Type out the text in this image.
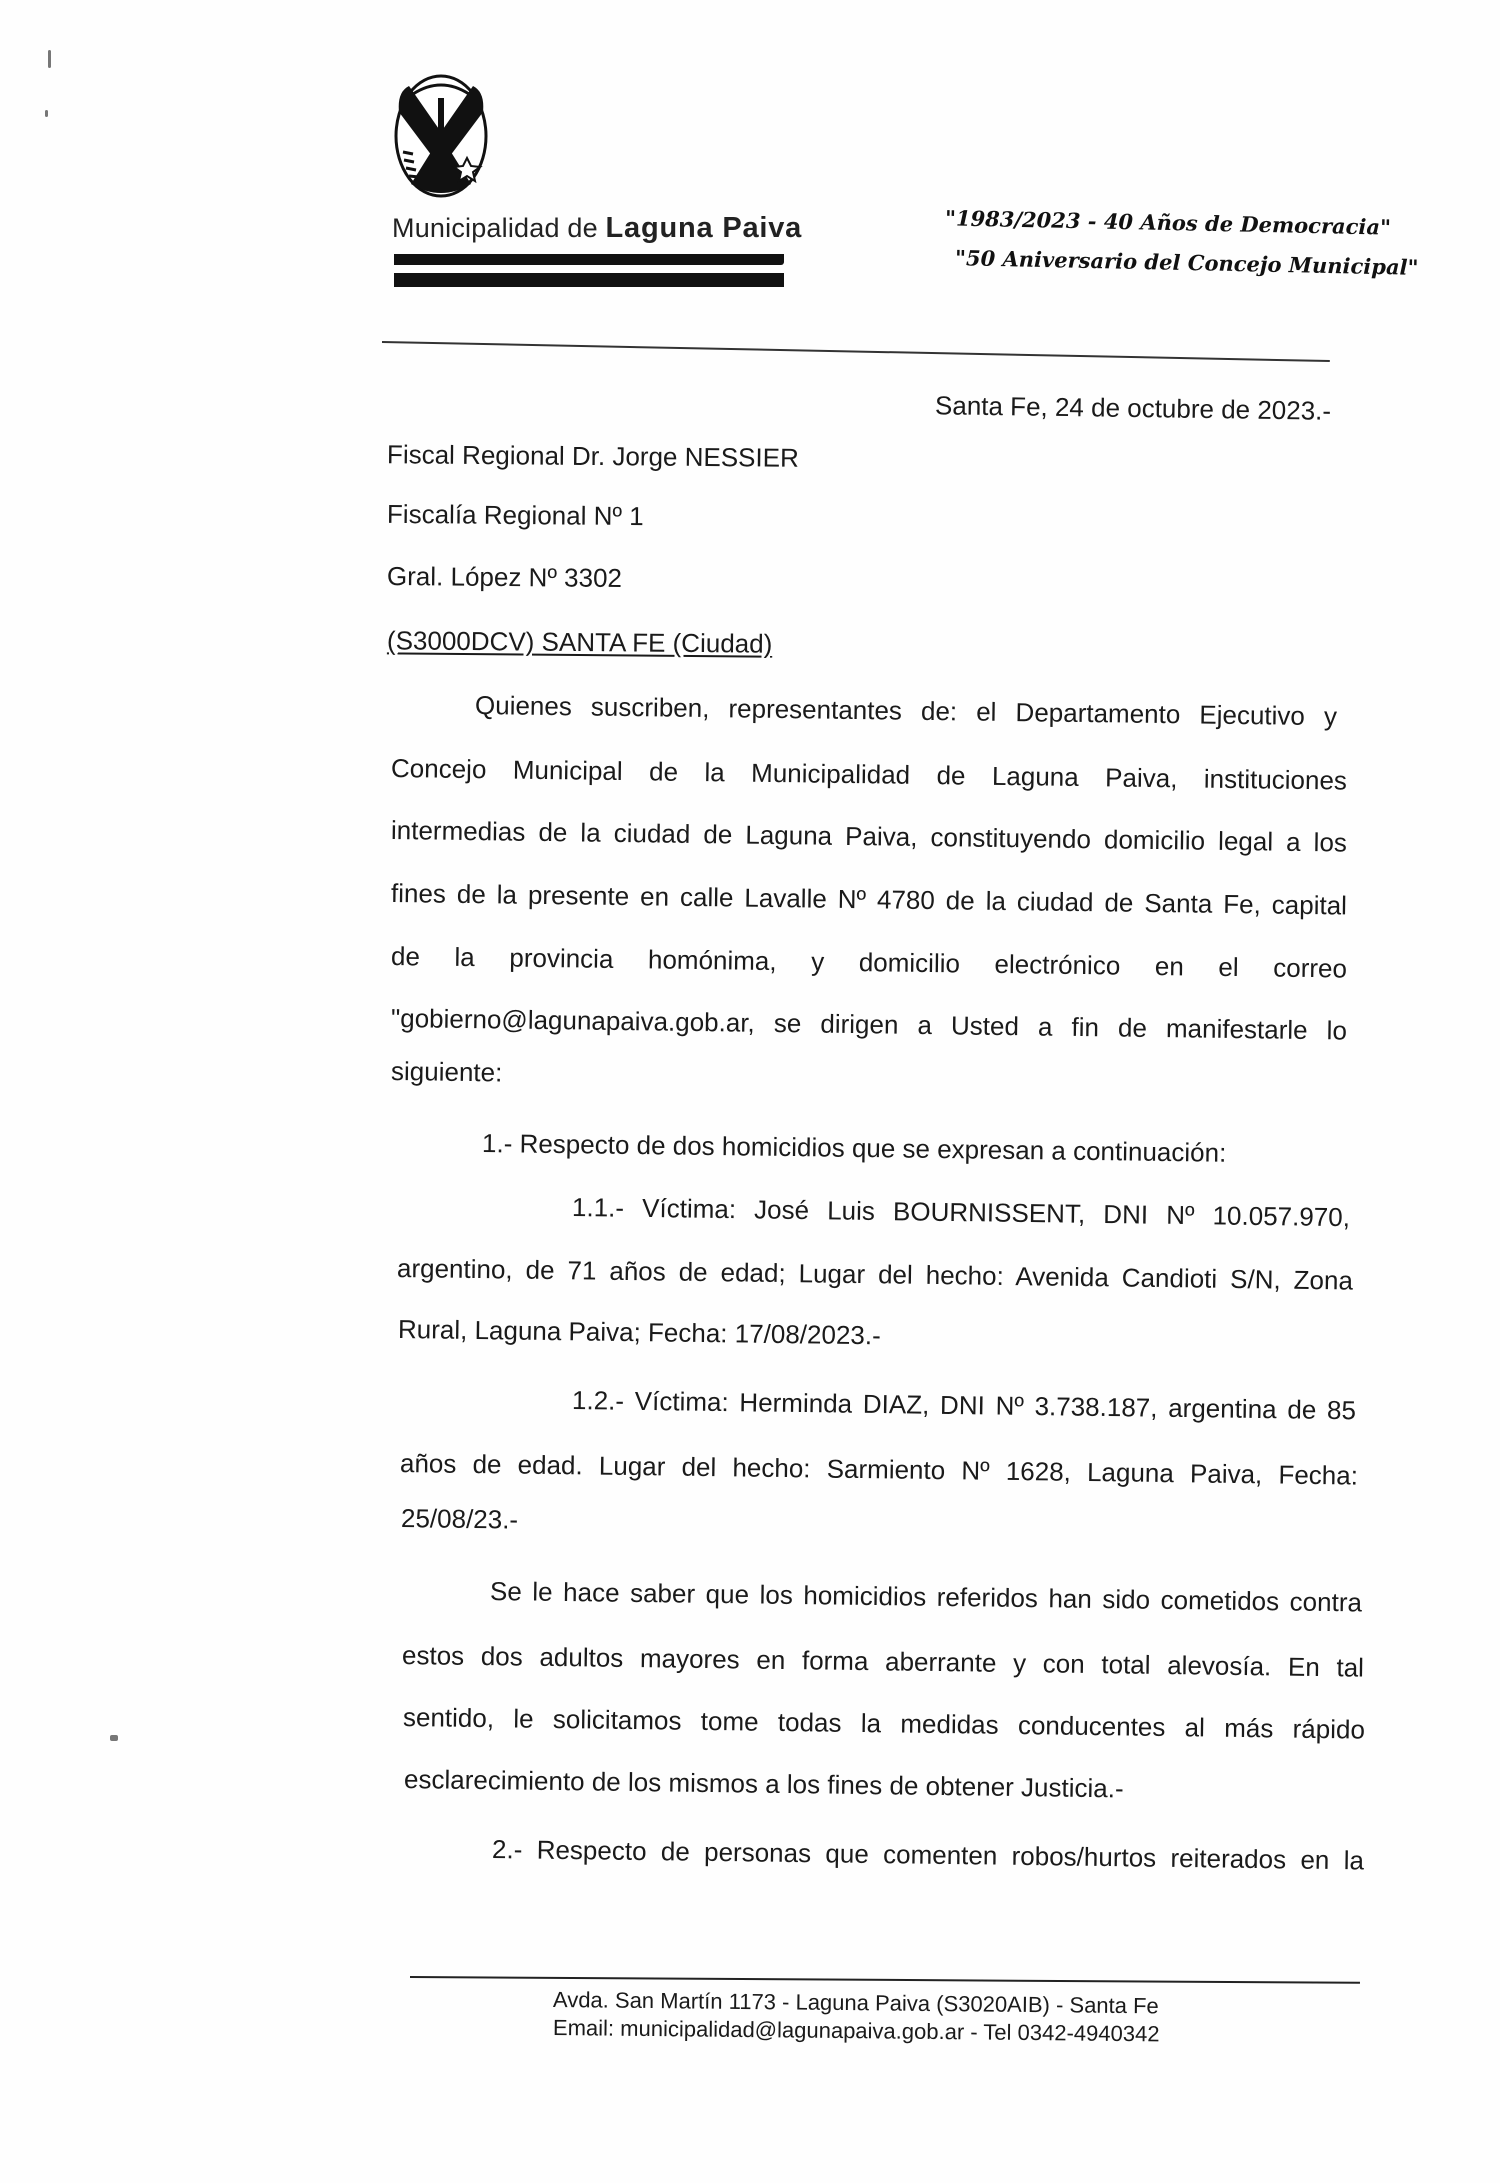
Municipalidad de Laguna Paiva	"1983/2023 - 40 Años de Democracia"
"50 Aniversario del Concejo Municipal"
Santa Fe, 24 de octubre de 2023.-
Fiscal Regional Dr. Jorge NESSIER
Fiscalía Regional Nº 1
Gral. López Nº 3302
(S3000DCV) SANTA FE (Ciudad)
Quienes suscriben, representantes de: el Departamento Ejecutivo y
Concejo Municipal de la Municipalidad de Laguna Paiva, instituciones
intermedias de la ciudad de Laguna Paiva, constituyendo domicilio legal a los
fines de la presente en calle Lavalle Nº 4780 de la ciudad de Santa Fe, capital
de la provincia homónima, y domicilio electrónico en el correo
"gobierno@lagunapaiva.gob.ar, se dirigen a Usted a fin de manifestarle lo
siguiente:
1.- Respecto de dos homicidios que se expresan a continuación:
1.1.- Víctima: José Luis BOURNISSENT, DNI Nº 10.057.970,
argentino, de 71 años de edad; Lugar del hecho: Avenida Candioti S/N, Zona
Rural, Laguna Paiva; Fecha: 17/08/2023.-
1.2.- Víctima: Herminda DIAZ, DNI Nº 3.738.187, argentina de 85
años de edad. Lugar del hecho: Sarmiento Nº 1628, Laguna Paiva, Fecha:
25/08/23.-
Se le hace saber que los homicidios referidos han sido cometidos contra
estos dos adultos mayores en forma aberrante y con total alevosía. En tal
sentido, le solicitamos tome todas la medidas conducentes al más rápido
esclarecimiento de los mismos a los fines de obtener Justicia.-
2.- Respecto de personas que comenten robos/hurtos reiterados en la
Avda. San Martín 1173 - Laguna Paiva (S3020AIB) - Santa Fe
Email: municipalidad@lagunapaiva.gob.ar - Tel 0342-4940342
